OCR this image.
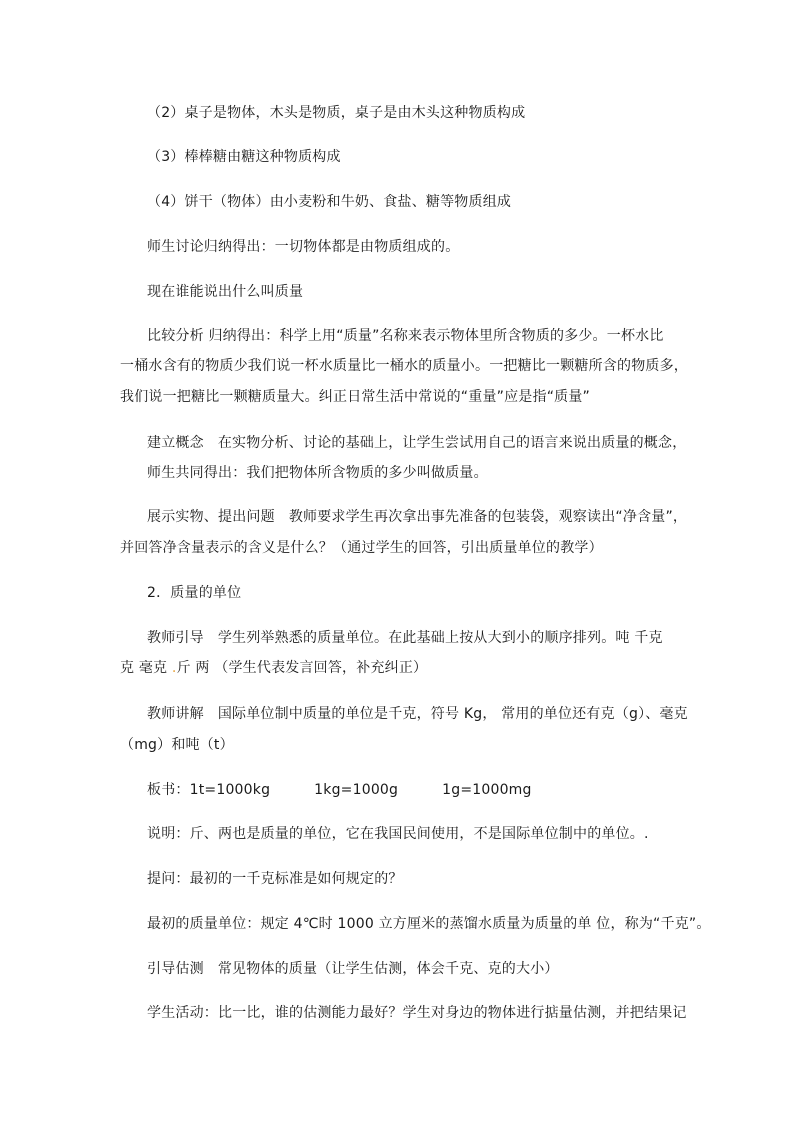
（2）桌子是物体，木头是物质，桌子是由木头这种物质构成
（3）棒棒糖由糖这种物质构成
（4）饼干（物体）由小麦粉和牛奶、食盐、糖等物质组成
师生讨论归纳得出：一切物体都是由物质组成的。
现在谁能说出什么叫质量
比较分析 归纳得出：科学上用“质量”名称来表示物体里所含物质的多少。一杯水比
一桶水含有的物质少我们说一杯水质量比一桶水的质量小。一把糖比一颗糖所含的物质多，
我们说一把糖比一颗糖质量大。纠正日常生活中常说的“重量”应是指“质量”
建立概念 在实物分析、讨论的基础上，让学生尝试用自己的语言来说出质量的概念，
师生共同得出：我们把物体所含物质的多少叫做质量。
展示实物、提出问题 教师要求学生再次拿出事先准备的包装袋，观察读出“净含量”，
并回答净含量表示的含义是什么？（通过学生的回答，引出质量单位的教学）
2．质量的单位
教师引导 学生列举熟悉的质量单位。在此基础上按从大到小的顺序排列。吨 千克
克 毫克 .斤 两 （学生代表发言回答，补充纠正）
教师讲解 国际单位制中质量的单位是千克，符号 Kg， 常用的单位还有克（g）、毫克
（mg）和吨（t）
板书：1t=1000kg	1kg=1000g	1g=1000mg
说明：斤、两也是质量的单位，它在我国民间使用，不是国际单位制中的单位。.
提问：最初的一千克标准是如何规定的？
最初的质量单位：规定 4℃时 1000 立方厘米的蒸馏水质量为质量的单 位，称为“千克”。
引导估测 常见物体的质量（让学生估测，体会千克、克的大小）
学生活动：比一比，谁的估测能力最好？学生对身边的物体进行掂量估测，并把结果记
